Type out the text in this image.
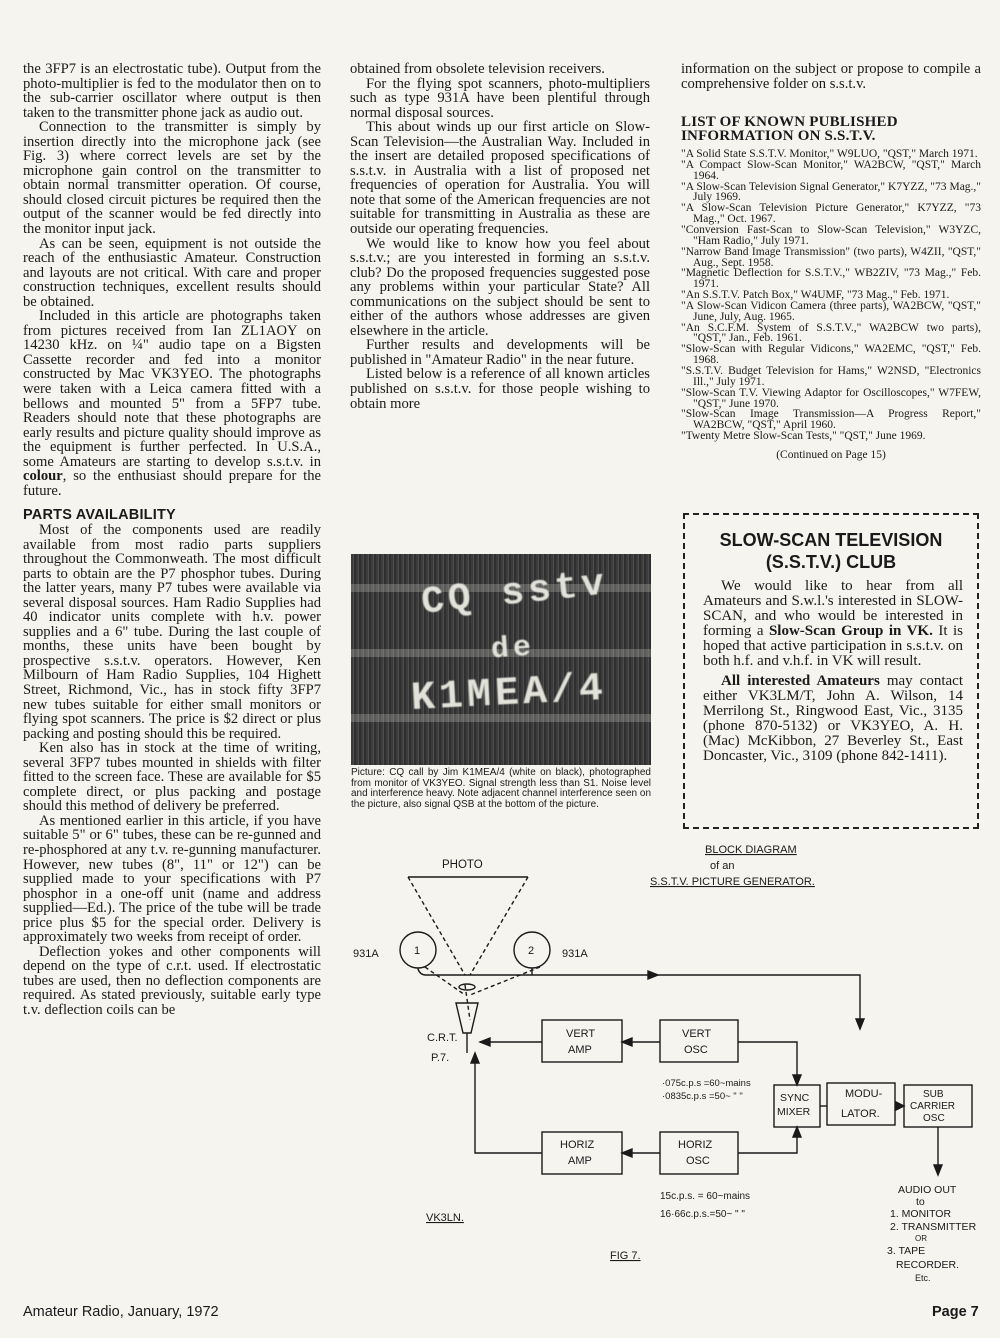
the 3FP7 is an electrostatic tube). Output from the photo-multiplier is fed to the modulator then on to the sub-carrier oscillator where output is then taken to the transmitter phone jack as audio out.

Connection to the transmitter is simply by insertion directly into the microphone jack (see Fig. 3) where correct levels are set by the microphone gain control on the transmitter to obtain normal transmitter operation. Of course, should closed circuit pictures be required then the output of the scanner would be fed directly into the monitor input jack.

As can be seen, equipment is not outside the reach of the enthusiastic Amateur. Construction and layouts are not critical. With care and proper construction techniques, excellent results should be obtained.

Included in this article are photographs taken from pictures received from Ian ZL1AOY on 14230 kHz. on ¼" audio tape on a Bigsten Cassette recorder and fed into a monitor constructed by Mac VK3YEO. The photographs were taken with a Leica camera fitted with a bellows and mounted 5" from a 5FP7 tube. Readers should note that these photographs are early results and picture quality should improve as the equipment is further perfected. In U.S.A., some Amateurs are starting to develop s.s.t.v. in colour, so the enthusiast should prepare for the future.

PARTS AVAILABILITY

Most of the components used are readily available from most radio parts suppliers throughout the Commonweath. The most difficult parts to obtain are the P7 phosphor tubes. During the latter years, many P7 tubes were available via several disposal sources. Ham Radio Supplies had 40 indicator units complete with h.v. power supplies and a 6" tube. During the last couple of months, these units have been bought by prospective s.s.t.v. operators. However, Ken Milbourn of Ham Radio Supplies, 104 Highett Street, Richmond, Vic., has in stock fifty 3FP7 new tubes suitable for either small monitors or flying spot scanners. The price is $2 direct or plus packing and posting should this be required.

Ken also has in stock at the time of writing, several 3FP7 tubes mounted in shields with filter fitted to the screen face. These are available for $5 complete direct, or plus packing and postage should this method of delivery be preferred.

As mentioned earlier in this article, if you have suitable 5" or 6" tubes, these can be re-gunned and re-phosphored at any t.v. re-gunning manufacturer. However, new tubes (8", 11" or 12") can be supplied made to your specifications with P7 phosphor in a one-off unit (name and address supplied—Ed.). The price of the tube will be trade price plus $5 for the special order. Delivery is approximately two weeks from receipt of order.

Deflection yokes and other components will depend on the type of c.r.t. used. If electrostatic tubes are used, then no deflection components are required. As stated previously, suitable early type t.v. deflection coils can be

obtained from obsolete television receivers.

For the flying spot scanners, photo-multipliers such as type 931A have been plentiful through normal disposal sources.

This about winds up our first article on Slow-Scan Television—the Australian Way. Included in the insert are detailed proposed specifications of s.s.t.v. in Australia with a list of proposed net frequencies of operation for Australia. You will note that some of the American frequencies are not suitable for transmitting in Australia as these are outside our operating frequencies.

We would like to know how you feel about s.s.t.v.; are you interested in forming an s.s.t.v. club? Do the proposed frequencies suggested pose any problems within your particular State? All communications on the subject should be sent to either of the authors whose addresses are given elsewhere in the article.

Further results and developments will be published in "Amateur Radio" in the near future.

Listed below is a reference of all known articles published on s.s.t.v. for those people wishing to obtain more

CQ sstv
de
K1MEA/4
Picture: CQ call by Jim K1MEA/4 (white on black), photographed from monitor of VK3YEO. Signal strength less than S1. Noise level and interference heavy. Note adjacent channel interference seen on the picture, also signal QSB at the bottom of the picture.

information on the subject or propose to compile a comprehensive folder on s.s.t.v.

LIST OF KNOWN PUBLISHED INFORMATION ON S.S.T.V.

"A Solid State S.S.T.V. Monitor," W9LUO, "QST," March 1971.
"A Compact Slow-Scan Monitor," WA2BCW, "QST," March 1964.
"A Slow-Scan Television Signal Generator," K7YZZ, "73 Mag.," July 1969.
"A Slow-Scan Television Picture Generator," K7YZZ, "73 Mag.," Oct. 1967.
"Conversion Fast-Scan to Slow-Scan Television," W3YZC, "Ham Radio," July 1971.
"Narrow Band Image Transmission" (two parts), W4ZII, "QST," Aug., Sept. 1958.
"Magnetic Deflection for S.S.T.V.," WB2ZIV, "73 Mag.," Feb. 1971.
"An S.S.T.V. Patch Box," W4UMF, "73 Mag.," Feb. 1971.
"A Slow-Scan Vidicon Camera (three parts), WA2BCW, "QST," June, July, Aug. 1965.
"An S.C.F.M. System of S.S.T.V.," WA2BCW two parts), "QST," Jan., Feb. 1961.
"Slow-Scan with Regular Vidicons," WA2EMC, "QST," Feb. 1968.
"S.S.T.V. Budget Television for Hams," W2NSD, "Electronics Ill.," July 1971.
"Slow-Scan T.V. Viewing Adaptor for Oscilloscopes," W7FEW, "QST," June 1970.
"Slow-Scan Image Transmission—A Progress Report," WA2BCW, "QST," April 1960.
"Twenty Metre Slow-Scan Tests," "QST," June 1969.
(Continued on Page 15)
SLOW-SCAN TELEVISION
(S.S.T.V.) CLUB
We would like to hear from all Amateurs and S.w.l.'s interested in SLOW-SCAN, and who would be interested in forming a Slow-Scan Group in VK. It is hoped that active participation in s.s.t.v. on both h.f. and v.h.f. in VK will result.
All interested Amateurs may contact either VK3LM/T, John A. Wilson, 14 Merrilong St., Ringwood East, Vic., 3135 (phone 870-5132) or VK3YEO, A. H. (Mac) McKibbon, 27 Beverley St., East Doncaster, Vic., 3109 (phone 842-1411).
BLOCK DIAGRAM
of an
S.S.T.V. PICTURE GENERATOR.
PHOTO
1	2
931A	931A
C.R.T.
P.7.
VERT
AMP
VERT
OSC
HORIZ
AMP
HORIZ
OSC
SYNC
MIXER
MODU-
LATOR.
SUB
CARRIER
OSC
·075c.p.s =60~mains
·0835c.p.s =50~ " "
15c.p.s. = 60~mains
16·66c.p.s.=50~ " "
AUDIO OUT
to
1. MONITOR
2. TRANSMITTER
OR
3. TAPE
RECORDER.
Etc.
VK3LN.
FIG 7.
Amateur Radio, January, 1972	Page 7
